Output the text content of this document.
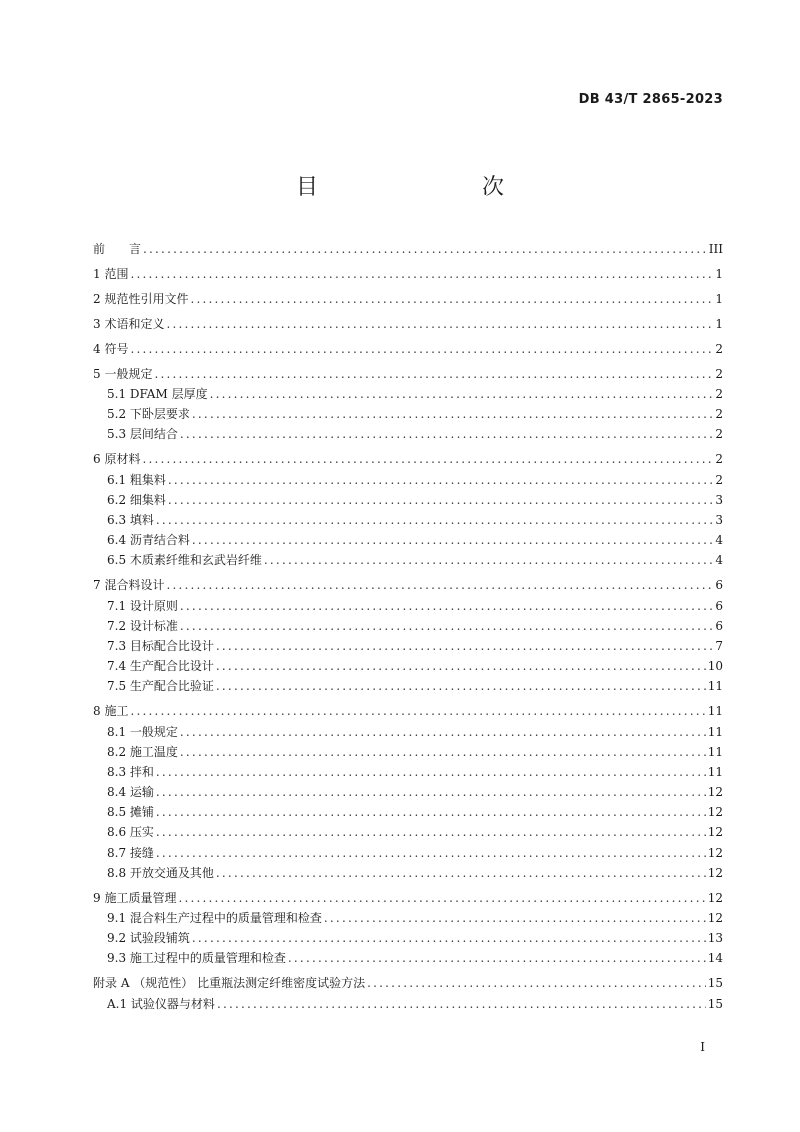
DB 43/T 2865-2023
目　　次
前　　言 .....	III
1 范围 .....	1
2 规范性引用文件 .....	1
3 术语和定义 .....	1
4 符号 .....	2
5 一般规定 .....	2
5.1 DFAM 层厚度 .....	2
5.2 下卧层要求 .....	2
5.3 层间结合 .....	2
6 原材料 .....	2
6.1 粗集料 .....	2
6.2 细集料 .....	3
6.3 填料 .....	3
6.4 沥青结合料 .....	4
6.5 木质素纤维和玄武岩纤维 .....	4
7 混合料设计 .....	6
7.1 设计原则 .....	6
7.2 设计标准 .....	6
7.3 目标配合比设计 .....	7
7.4 生产配合比设计 .....	10
7.5 生产配合比验证 .....	11
8 施工 .....	11
8.1 一般规定 .....	11
8.2 施工温度 .....	11
8.3 拌和 .....	11
8.4 运输 .....	12
8.5 摊铺 .....	12
8.6 压实 .....	12
8.7 接缝 .....	12
8.8 开放交通及其他 .....	12
9 施工质量管理 .....	12
9.1 混合料生产过程中的质量管理和检查 .....	12
9.2 试验段铺筑 .....	13
9.3 施工过程中的质量管理和检查 .....	14
附录 A （规范性） 比重瓶法测定纤维密度试验方法 .....	15
A.1 试验仪器与材料 .....	15
I
